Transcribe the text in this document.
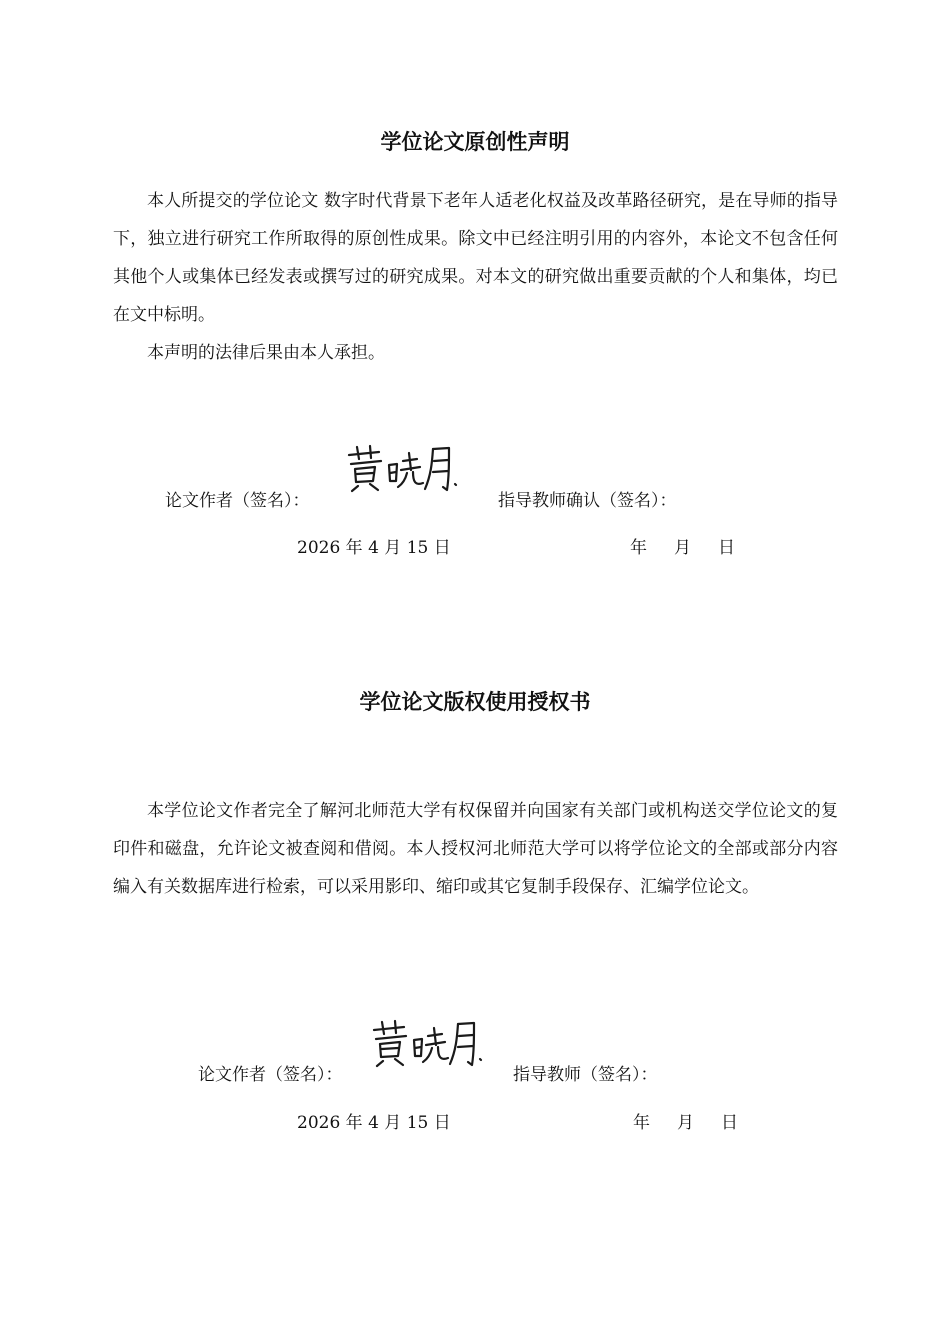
学位论文原创性声明

本人所提交的学位论文 数字时代背景下老年人适老化权益及改革路径研究，是在导师的指导下，独立进行研究工作所取得的原创性成果。除文中已经注明引用的内容外，本论文不包含任何其他个人或集体已经发表或撰写过的研究成果。对本文的研究做出重要贡献的个人和集体，均已在文中标明。

本声明的法律后果由本人承担。

论文作者（签名）：	指导教师确认（签名）：
2026 年 4 月 15 日	年     月     日
学位论文版权使用授权书

本学位论文作者完全了解河北师范大学有权保留并向国家有关部门或机构送交学位论文的复印件和磁盘，允许论文被查阅和借阅。本人授权河北师范大学可以将学位论文的全部或部分内容编入有关数据库进行检索，可以采用影印、缩印或其它复制手段保存、汇编学位论文。

论文作者（签名）：	指导教师（签名）：
2026 年 4 月 15 日	年     月     日
